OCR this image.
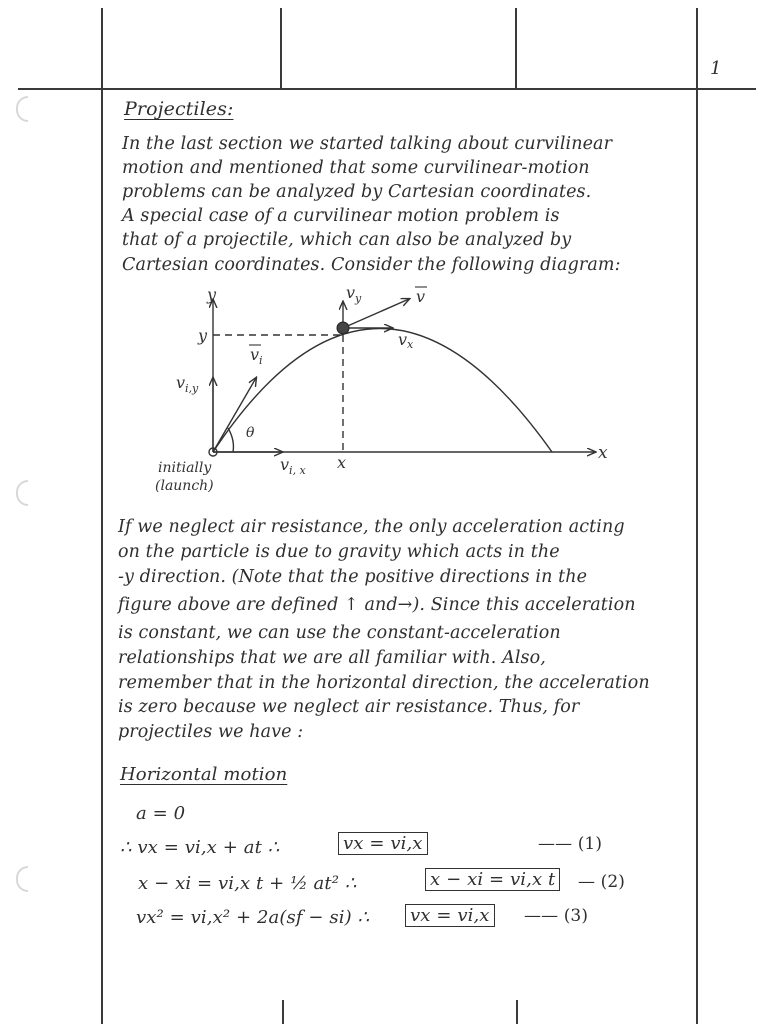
1
Projectiles:
In the last section we started talking about curvilinear
motion and mentioned that some curvilinear-motion
problems can be analyzed by Cartesian coordinates.
A special case of a curvilinear motion problem is
that of a projectile, which can also be analyzed by
Cartesian coordinates. Consider the following diagram:
y
x
y
x
$v_y$	v
vx
$v_i$
$v_{i,y}$
$v_{i, x}$
θ
initially
(launch)
If we neglect air resistance, the only acceleration acting
on the particle is due to gravity which acts in the
-y direction. (Note that the positive directions in the
figure above are defined ↑ and→). Since this acceleration
is constant, we can use the constant-acceleration
relationships that we are all familiar with. Also,
remember that in the horizontal direction, the acceleration
is zero because we neglect air resistance. Thus, for
projectiles we have :
Horizontal motion
a = 0
∴ vx = vi,x + at ∴	vx = vi,x	—— (1)
x − xi = vi,x t + ½ at² ∴	x − xi = vi,x t — (2)
vx² = vi,x² + 2a(sf − si) ∴ vx = vi,x —— (3)
